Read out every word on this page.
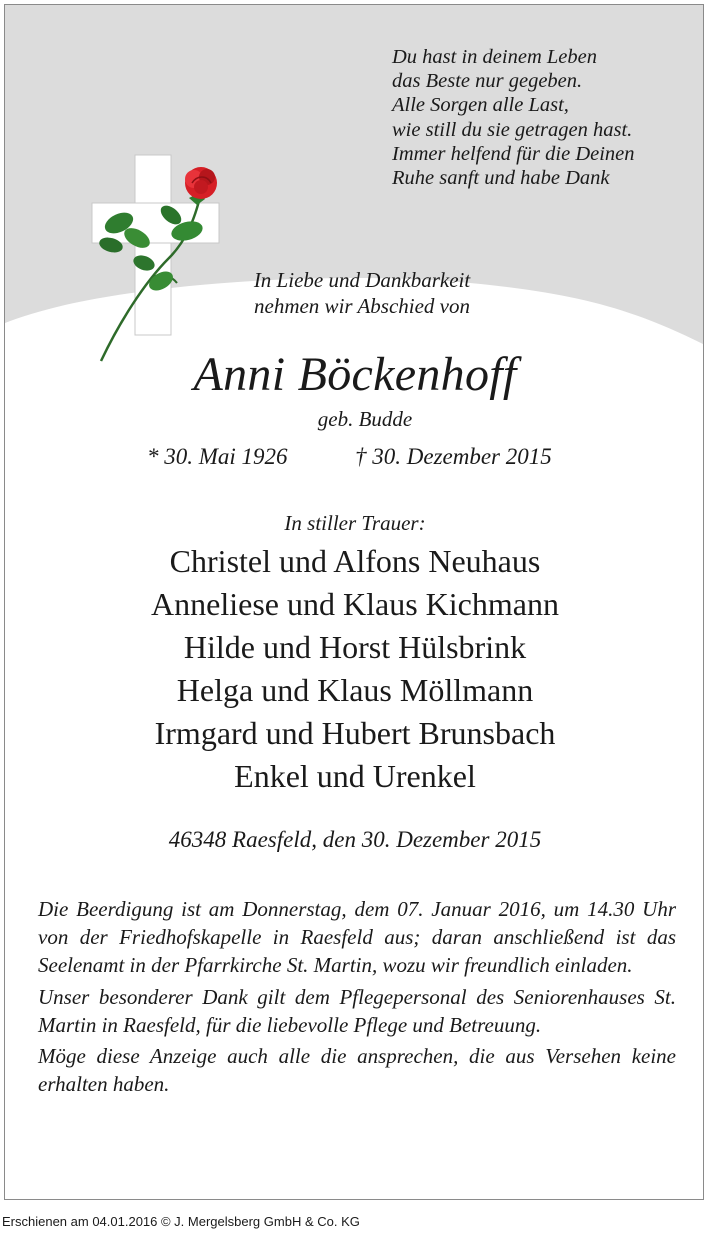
Du hast in deinem Leben
das Beste nur gegeben.
Alle Sorgen alle Last,
wie still du sie getragen hast.
Immer helfend für die Deinen
Ruhe sanft und habe Dank
In Liebe und Dankbarkeit
nehmen wir Abschied von
Anni Böckenhoff
geb. Budde
* 30. Mai 1926	† 30. Dezember 2015
In stiller Trauer:
Christel und Alfons Neuhaus
Anneliese und Klaus Kichmann
Hilde und Horst Hülsbrink
Helga und Klaus Möllmann
Irmgard und Hubert Brunsbach
Enkel und Urenkel
46348 Raesfeld, den 30. Dezember 2015

Die Beerdigung ist am Donnerstag, dem 07. Januar 2016, um 14.30 Uhr von der Friedhofskapelle in Raesfeld aus; daran anschließend ist das Seelenamt in der Pfarrkirche St. Martin, wozu wir freundlich einladen.

Unser besonderer Dank gilt dem Pflegepersonal des Seniorenhauses St. Martin in Raesfeld, für die liebevolle Pflege und Betreuung.

Möge diese Anzeige auch alle die ansprechen, die aus Versehen keine erhalten haben.

Erschienen am 04.01.2016 © J. Mergelsberg GmbH & Co. KG
